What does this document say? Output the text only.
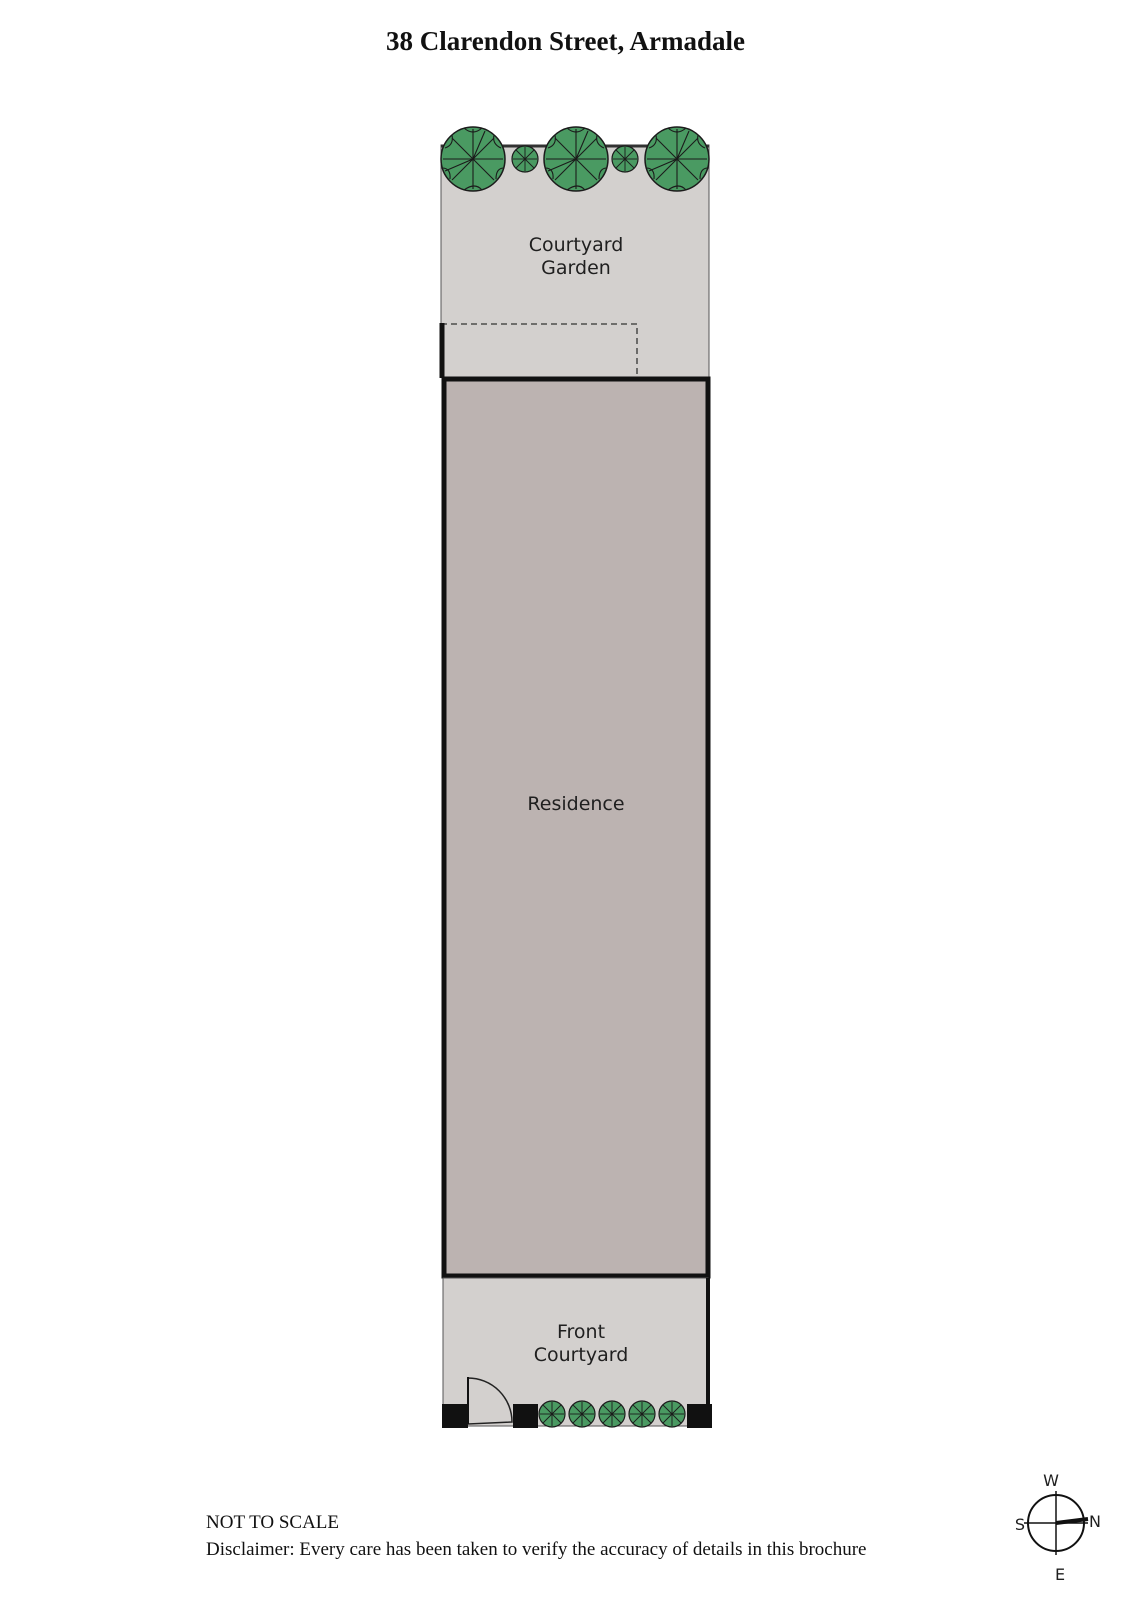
38 Clarendon Street, Armadale
Courtyard
Garden
Residence
Front
Courtyard
W
S	N
E
NOT TO SCALE
Disclaimer: Every care has been taken to verify the accuracy of details in this brochure
